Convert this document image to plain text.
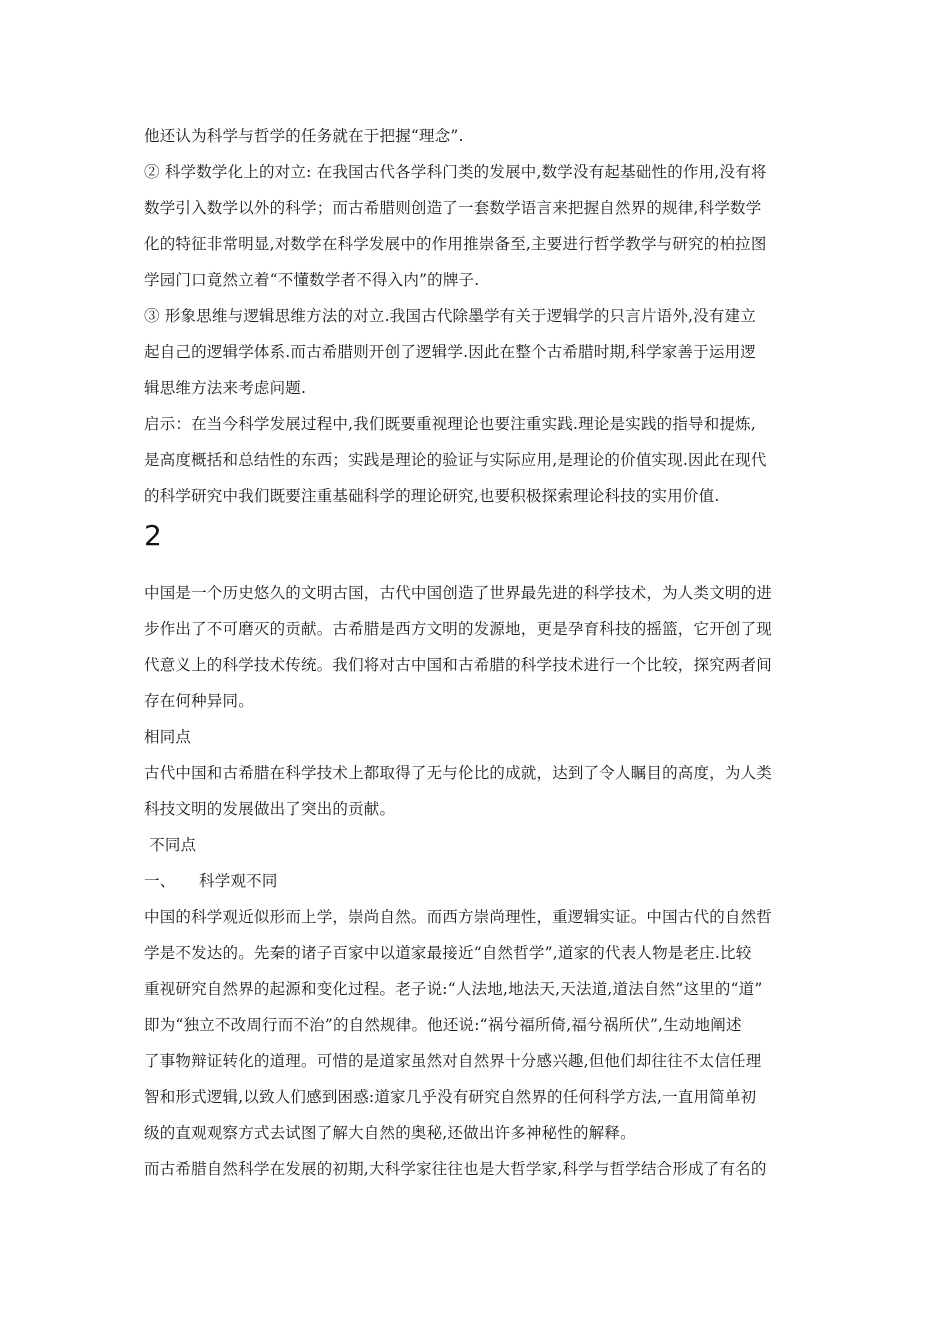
他还认为科学与哲学的任务就在于把握“理念”.
② 科学数学化上的对立: 在我国古代各学科门类的发展中,数学没有起基础性的作用,没有将
数学引入数学以外的科学；而古希腊则创造了一套数学语言来把握自然界的规律,科学数学
化的特征非常明显,对数学在科学发展中的作用推崇备至,主要进行哲学教学与研究的柏拉图
学园门口竟然立着“不懂数学者不得入内”的牌子.
③ 形象思维与逻辑思维方法的对立.我国古代除墨学有关于逻辑学的只言片语外,没有建立
起自己的逻辑学体系.而古希腊则开创了逻辑学.因此在整个古希腊时期,科学家善于运用逻
辑思维方法来考虑问题.
启示：在当今科学发展过程中,我们既要重视理论也要注重实践.理论是实践的指导和提炼,
是高度概括和总结性的东西；实践是理论的验证与实际应用,是理论的价值实现.因此在现代
的科学研究中我们既要注重基础科学的理论研究,也要积极探索理论科技的实用价值.
2
中国是一个历史悠久的文明古国，古代中国创造了世界最先进的科学技术，为人类文明的进
步作出了不可磨灭的贡献。古希腊是西方文明的发源地，更是孕育科技的摇篮，它开创了现
代意义上的科学技术传统。我们将对古中国和古希腊的科学技术进行一个比较，探究两者间
存在何种异同。
相同点
古代中国和古希腊在科学技术上都取得了无与伦比的成就，达到了令人瞩目的高度，为人类
科技文明的发展做出了突出的贡献。
不同点
一、　　科学观不同
中国的科学观近似形而上学，崇尚自然。而西方崇尚理性，重逻辑实证。中国古代的自然哲
学是不发达的。先秦的诸子百家中以道家最接近“自然哲学”,道家的代表人物是老庄.比较
重视研究自然界的起源和变化过程。老子说:“人法地,地法天,天法道,道法自然”这里的“道”
即为“独立不改周行而不治”的自然规律。他还说:“祸兮福所倚,福兮祸所伏”,生动地阐述
了事物辩证转化的道理。可惜的是道家虽然对自然界十分感兴趣,但他们却往往不太信任理
智和形式逻辑,以致人们感到困惑:道家几乎没有研究自然界的任何科学方法,一直用简单初
级的直观观察方式去试图了解大自然的奥秘,还做出许多神秘性的解释。
而古希腊自然科学在发展的初期,大科学家往往也是大哲学家,科学与哲学结合形成了有名的
